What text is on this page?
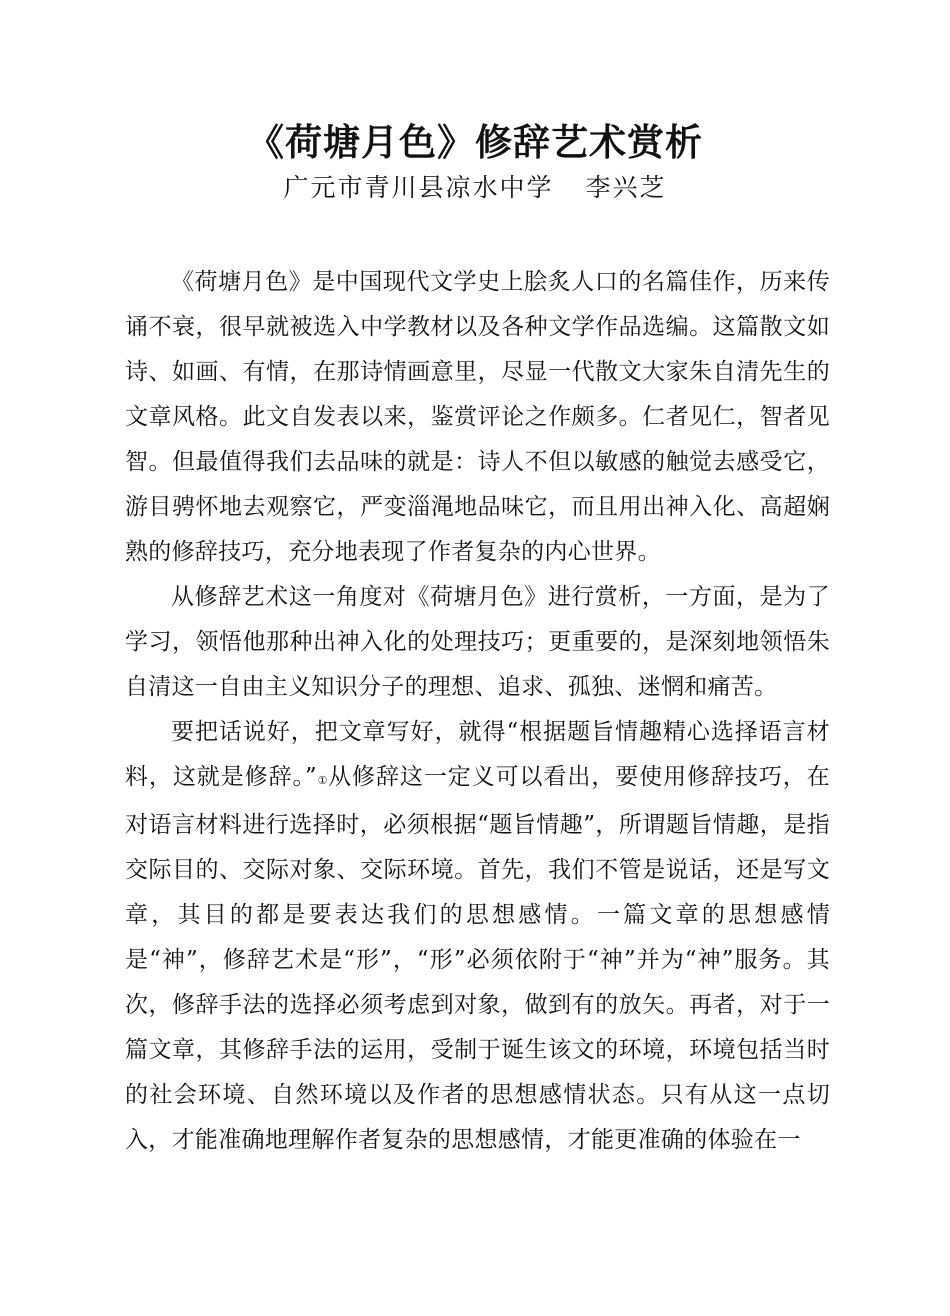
《荷塘月色》修辞艺术赏析

广元市青川县凉水中学 李兴芝

《荷塘月色》是中国现代文学史上脍炙人口的名篇佳作，历来传诵不衰，很早就被选入中学教材以及各种文学作品选编。这篇散文如诗、如画、有情，在那诗情画意里，尽显一代散文大家朱自清先生的文章风格。此文自发表以来，鉴赏评论之作颇多。仁者见仁，智者见智。但最值得我们去品味的就是：诗人不但以敏感的触觉去感受它，游目骋怀地去观察它，严变淄渑地品味它，而且用出神入化、高超娴熟的修辞技巧，充分地表现了作者复杂的内心世界。

从修辞艺术这一角度对《荷塘月色》进行赏析，一方面，是为了学习，领悟他那种出神入化的处理技巧；更重要的，是深刻地领悟朱自清这一自由主义知识分子的理想、追求、孤独、迷惘和痛苦。

要把话说好，把文章写好，就得“根据题旨情趣精心选择语言材料，这就是修辞。”①从修辞这一定义可以看出，要使用修辞技巧，在对语言材料进行选择时，必须根据“题旨情趣”，所谓题旨情趣，是指交际目的、交际对象、交际环境。首先，我们不管是说话，还是写文章，其目的都是要表达我们的思想感情。一篇文章的思想感情是“神”，修辞艺术是“形”，“形”必须依附于“神”并为“神”服务。其次，修辞手法的选择必须考虑到对象，做到有的放矢。再者，对于一篇文章，其修辞手法的运用，受制于诞生该文的环境，环境包括当时的社会环境、自然环境以及作者的思想感情状态。只有从这一点切入，才能准确地理解作者复杂的思想感情，才能更准确的体验在一
